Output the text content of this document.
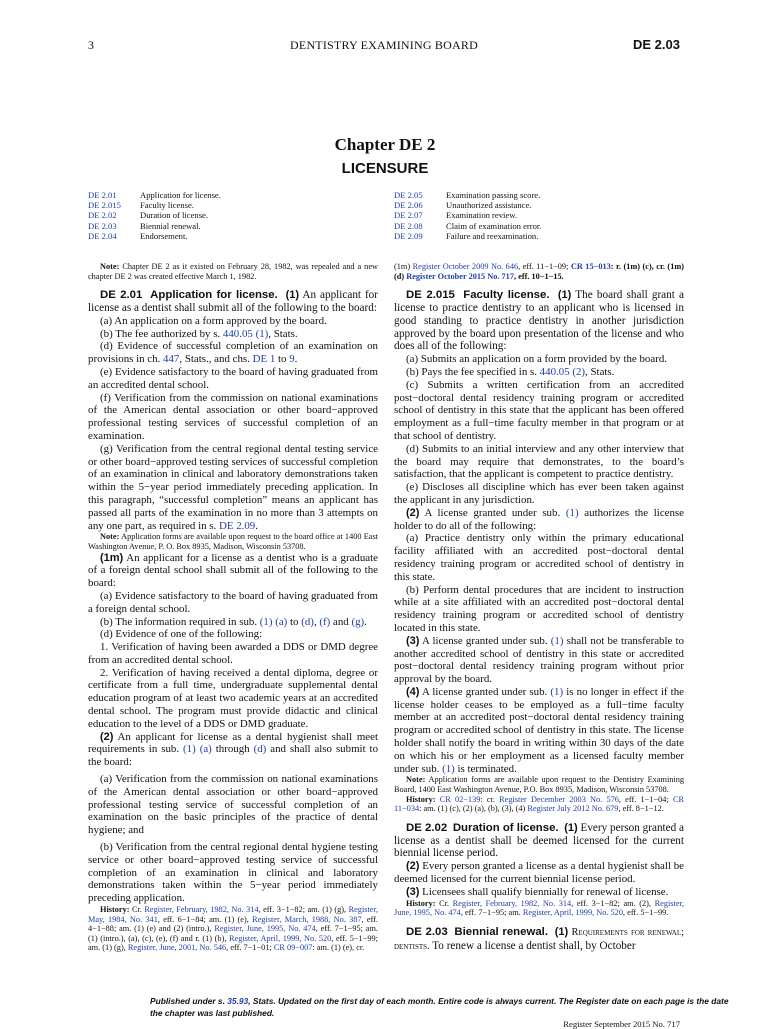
3	DENTISTRY EXAMINING BOARD	DE 2.03
Chapter DE 2
LICENSURE
DE 2.01	Application for license.
DE 2.015	Faculty license.
DE 2.02	Duration of license.
DE 2.03	Biennial renewal.
DE 2.04	Endorsement.
DE 2.05	Examination passing score.
DE 2.06	Unauthorized assistance.
DE 2.07	Examination review.
DE 2.08	Claim of examination error.
DE 2.09	Failure and reexamination.

Note: Chapter DE 2 as it existed on February 28, 1982, was repealed and a new chapter DE 2 was created effective March 1, 1982.

DE 2.01 Application for license. (1) An applicant for license as a dentist shall submit all of the following to the board:

(a) An application on a form approved by the board.

(b) The fee authorized by s. 440.05 (1), Stats.

(d) Evidence of successful completion of an examination on provisions in ch. 447, Stats., and chs. DE 1 to 9.

(e) Evidence satisfactory to the board of having graduated from an accredited dental school.

(f) Verification from the commission on national examinations of the American dental association or other board−approved professional testing services of successful completion of an examination.

(g) Verification from the central regional dental testing service or other board−approved testing services of successful completion of an examination in clinical and laboratory demonstrations taken within the 5−year period immediately preceding application. In this paragraph, “successful completion” means an applicant has passed all parts of the examination in no more than 3 attempts on any one part, as required in s. DE 2.09.

Note: Application forms are available upon request to the board office at 1400 East Washington Avenue, P. O. Box 8935, Madison, Wisconsin 53708.

(1m) An applicant for a license as a dentist who is a graduate of a foreign dental school shall submit all of the following to the board:

(a) Evidence satisfactory to the board of having graduated from a foreign dental school.

(b) The information required in sub. (1) (a) to (d), (f) and (g).

(d) Evidence of one of the following:

1. Verification of having been awarded a DDS or DMD degree from an accredited dental school.

2. Verification of having received a dental diploma, degree or certificate from a full time, undergraduate supplemental dental education program of at least two academic years at an accredited dental school. The program must provide didactic and clinical education to the level of a DDS or DMD graduate.

(2) An applicant for license as a dental hygienist shall meet requirements in sub. (1) (a) through (d) and shall also submit to the board:

(a) Verification from the commission on national examinations of the American dental association or other board−approved professional testing service of successful completion of an examination on the basic principles of the practice of dental hygiene; and

(b) Verification from the central regional dental hygiene testing service or other board−approved testing service of successful completion of an examination in clinical and laboratory demonstrations taken within the 5−year period immediately preceding application.

History: Cr. Register, February, 1982, No. 314, eff. 3−1−82; am. (1) (g), Register, May, 1984, No. 341, eff. 6−1−84; am. (1) (e), Register, March, 1988, No. 387, eff. 4−1−88; am. (1) (e) and (2) (intro.), Register, June, 1995, No. 474, eff. 7−1−95; am. (1) (intro.), (a), (c), (e), (f) and r. (1) (b), Register, April, 1999, No. 520, eff. 5−1−99; am. (1) (g), Register, June, 2001, No. 546, eff. 7−1−01; CR 09−007: am. (1) (e), cr.

(1m) Register October 2009 No. 646, eff. 11−1−09; CR 15−013: r. (1m) (c), cr. (1m) (d) Register October 2015 No. 717, eff. 10−1−15.

DE 2.015 Faculty license. (1) The board shall grant a license to practice dentistry to an applicant who is licensed in good standing to practice dentistry in another jurisdiction approved by the board upon presentation of the license and who does all of the following:

(a) Submits an application on a form provided by the board.

(b) Pays the fee specified in s. 440.05 (2), Stats.

(c) Submits a written certification from an accredited post−doctoral dental residency training program or accredited school of dentistry in this state that the applicant has been offered employment as a full−time faculty member in that program or at that school of dentistry.

(d) Submits to an initial interview and any other interview that the board may require that demonstrates, to the board’s satisfaction, that the applicant is competent to practice dentistry.

(e) Discloses all discipline which has ever been taken against the applicant in any jurisdiction.

(2) A license granted under sub. (1) authorizes the license holder to do all of the following:

(a) Practice dentistry only within the primary educational facility affiliated with an accredited post−doctoral dental residency training program or accredited school of dentistry in this state.

(b) Perform dental procedures that are incident to instruction while at a site affiliated with an accredited post−doctoral dental residency training program or accredited school of dentistry located in this state.

(3) A license granted under sub. (1) shall not be transferable to another accredited school of dentistry in this state or accredited post−doctoral dental residency training program without prior approval by the board.

(4) A license granted under sub. (1) is no longer in effect if the license holder ceases to be employed as a full−time faculty member at an accredited post−doctoral dental residency training program or accredited school of dentistry in this state. The license holder shall notify the board in writing within 30 days of the date on which his or her employment as a licensed faculty member under sub. (1) is terminated.

Note: Application forms are available upon request to the Dentistry Examining Board, 1400 East Washington Avenue, P.O. Box 8935, Madison, Wisconsin 53708.

History: CR 02−139: cr. Register December 2003 No. 576, eff. 1−1−04; CR 11−034: am. (1) (c), (2) (a), (b), (3), (4) Register July 2012 No. 679, eff. 8−1−12.

DE 2.02 Duration of license. (1) Every person granted a license as a dentist shall be deemed licensed for the current biennial license period.

(2) Every person granted a license as a dental hygienist shall be deemed licensed for the current biennial license period.

(3) Licensees shall qualify biennially for renewal of license.

History: Cr. Register, February, 1982, No. 314, eff. 3−1−82; am. (2), Register, June, 1995, No. 474, eff. 7−1−95; am. Register, April, 1999, No. 520, eff. 5−1−99.

DE 2.03 Biennial renewal. (1) Requirements for renewal; dentists. To renew a license a dentist shall, by October

Published under s. 35.93, Stats. Updated on the first day of each month. Entire code is always current. The Register date on each page is the date the chapter was last published.
Register September 2015 No. 717
